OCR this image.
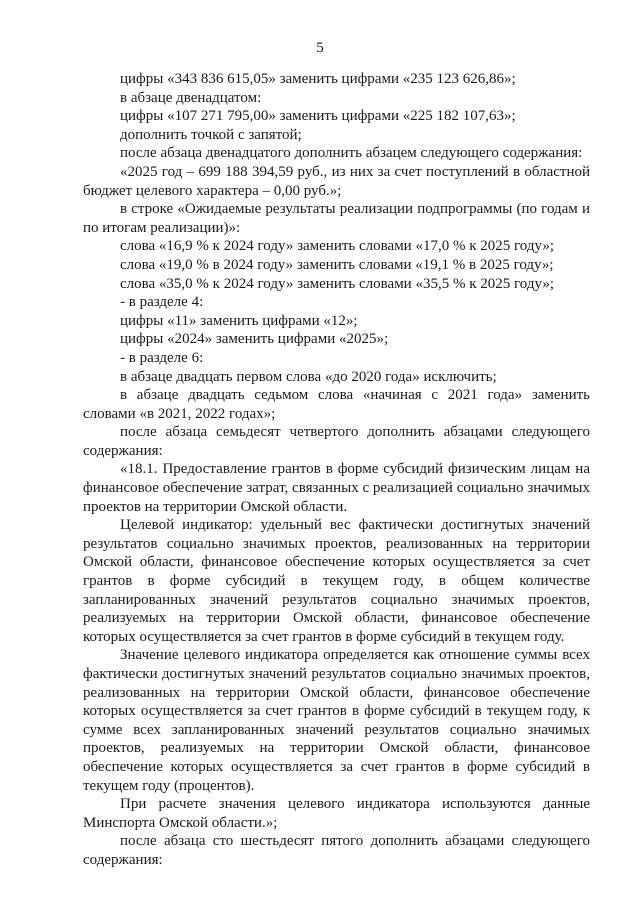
5

цифры «343 836 615,05» заменить цифрами «235 123 626,86»;

в абзаце двенадцатом:

цифры «107 271 795,00» заменить цифрами «225 182 107,63»;

дополнить точкой с запятой;

после абзаца двенадцатого дополнить абзацем следующего содержания:

«2025 год – 699 188 394,59 руб., из них за счет поступлений в областной бюджет целевого характера – 0,00 руб.»;

в строке «Ожидаемые результаты реализации подпрограммы (по годам и по итогам реализации)»:

слова «16,9 % к 2024 году» заменить словами «17,0 % к 2025 году»;

слова «19,0 % в 2024 году» заменить словами «19,1 % в 2025 году»;

слова «35,0 % к 2024 году» заменить словами «35,5 % к 2025 году»;

- в разделе 4:

цифры «11» заменить цифрами «12»;

цифры «2024» заменить цифрами «2025»;

- в разделе 6:

в абзаце двадцать первом слова «до 2020 года» исключить;

в абзаце двадцать седьмом слова «начиная с 2021 года» заменить словами «в 2021, 2022 годах»;

после абзаца семьдесят четвертого дополнить абзацами следующего содержания:

«18.1. Предоставление грантов в форме субсидий физическим лицам на финансовое обеспечение затрат, связанных с реализацией социально значимых проектов на территории Омской области.

Целевой индикатор: удельный вес фактически достигнутых значений результатов социально значимых проектов, реализованных на территории Омской области, финансовое обеспечение которых осуществляется за счет грантов в форме субсидий в текущем году, в общем количестве запланированных значений результатов социально значимых проектов, реализуемых на территории Омской области, финансовое обеспечение которых осуществляется за счет грантов в форме субсидий в текущем году.

Значение целевого индикатора определяется как отношение суммы всех фактически достигнутых значений результатов социально значимых проектов, реализованных на территории Омской области, финансовое обеспечение которых осуществляется за счет грантов в форме субсидий в текущем году, к сумме всех запланированных значений результатов социально значимых проектов, реализуемых на территории Омской области, финансовое обеспечение которых осуществляется за счет грантов в форме субсидий в текущем году (процентов).

При расчете значения целевого индикатора используются данные Минспорта Омской области.»;

после абзаца сто шестьдесят пятого дополнить абзацами следующего содержания:
